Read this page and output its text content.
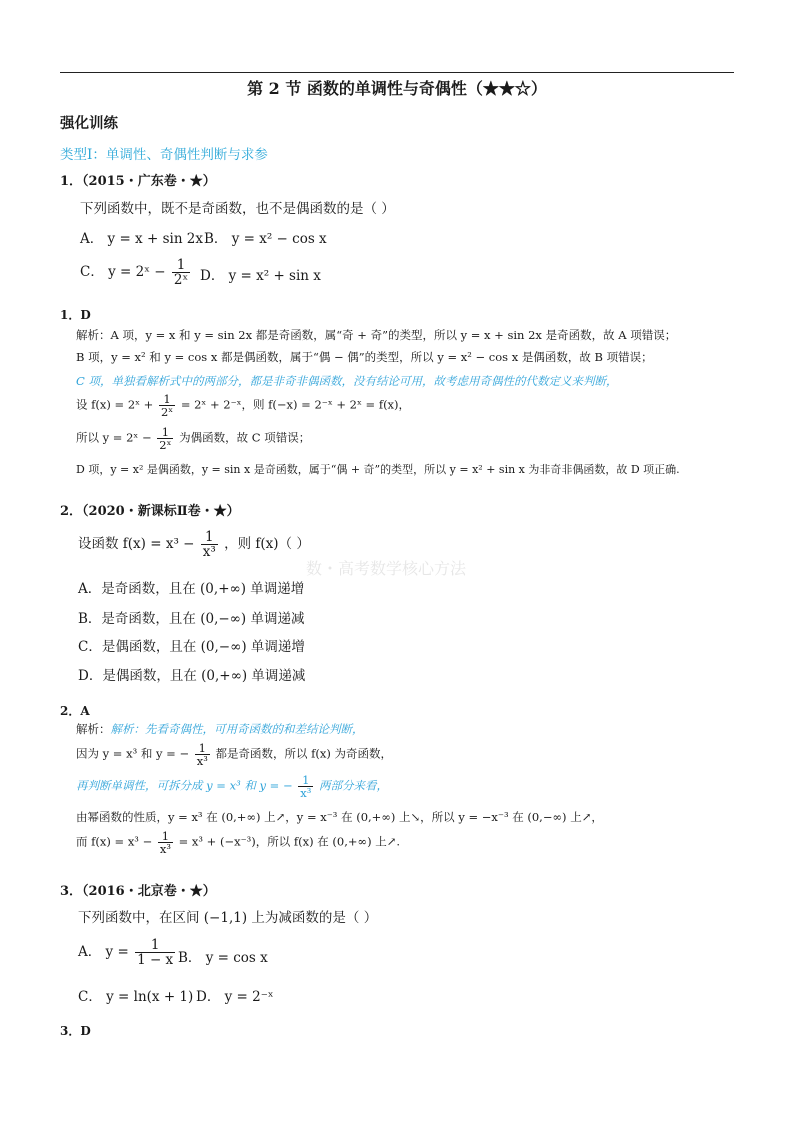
第 2 节 函数的单调性与奇偶性（★★☆）
强化训练
类型Ⅰ：单调性、奇偶性判断与求参
1．（2015・广东卷・★）
下列函数中，既不是奇函数，也不是偶函数的是（ ）
A． y = x + sin 2x B． y = x² − cos x
C． y = 2ˣ − $\frac{1}{\text{2ˣ}}$ D． y = x² + sin x
1．D
解析：A 项，y = x 和 y = sin 2x 都是奇函数，属“奇 + 奇”的类型，所以 y = x + sin 2x 是奇函数，故 A 项错误；
B 项，y = x² 和 y = cos x 都是偶函数，属于“偶 − 偶”的类型，所以 y = x² − cos x 是偶函数，故 B 项错误；
C 项，单独看解析式中的两部分，都是非奇非偶函数，没有结论可用，故考虑用奇偶性的代数定义来判断，
设 f(x) = 2ˣ + $\frac{1}{\text{2ˣ}}$ = 2ˣ + 2⁻ˣ，则 f(−x) = 2⁻ˣ + 2ˣ = f(x)，
所以 y = 2ˣ − $\frac{1}{\text{2ˣ}}$ 为偶函数，故 C 项错误；
D 项，y = x² 是偶函数，y = sin x 是奇函数，属于“偶 + 奇”的类型，所以 y = x² + sin x 为非奇非偶函数，故 D 项正确.
2．（2020・新课标Ⅱ卷・★）
设函数 $f(x) = x^3 - \frac{1}{\text{x³}}$ ，则 f(x)（ ）
数・高考数学核心方法
A．是奇函数，且在 (0,+∞) 单调递增
B．是奇函数，且在 (0,−∞) 单调递减
C．是偶函数，且在 (0,−∞) 单调递增
D．是偶函数，且在 (0,+∞) 单调递减
2．A
解析：解析：先看奇偶性，可用奇函数的和差结论判断，
因为 y = x³ 和 y = − $\frac{1}{\text{x³}}$ 都是奇函数，所以 f(x) 为奇函数，
再判断单调性，可拆分成 y = x³ 和 y = − $\frac{1}{\text{x³}}$ 两部分来看，
由幂函数的性质，y = x³ 在 (0,+∞) 上↗，y = x⁻³ 在 (0,+∞) 上↘，所以 y = −x⁻³ 在 (0,−∞) 上↗，
而 $f(x) = x^3 - \frac{1}{\text{x³}} = x^3 + (-x^{-3})$，所以 f(x) 在 (0,+∞) 上↗.
3．（2016・北京卷・★）
下列函数中，在区间 (−1,1) 上为减函数的是（ ）
A． $y = \frac{1}{1 - x}$ B． y = cos x
C． y = ln(x + 1) D． y = 2⁻ˣ
3．D
